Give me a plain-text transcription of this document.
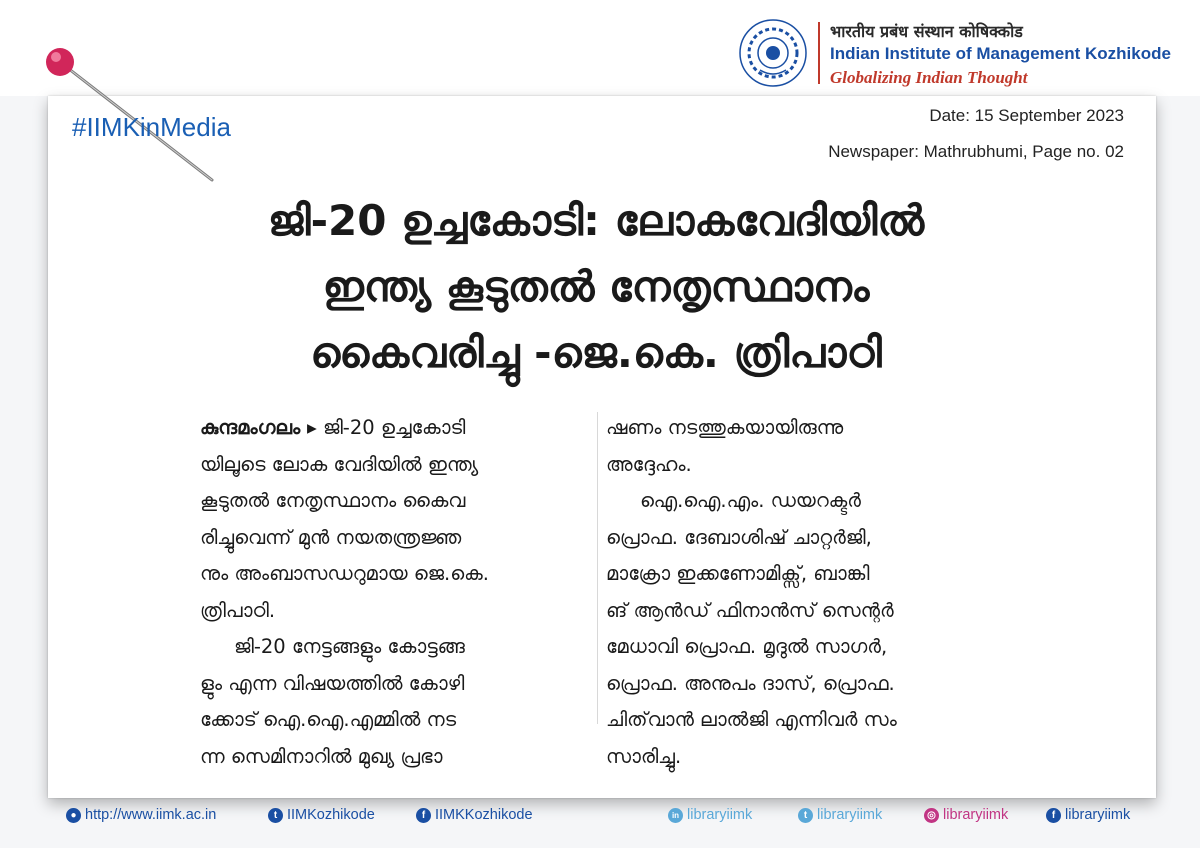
भारतीय प्रबंध संस्थान कोषिक्कोड
Indian Institute of Management Kozhikode
Globalizing Indian Thought
#IIMKinMedia	Date: 15 September 2023
Newspaper: Mathrubhumi, Page no. 02
ജി-20 ഉച്ചകോടി: ലോകവേദിയിൽ
ഇന്ത്യ കൂടുതൽ നേതൃസ്ഥാനം
കൈവരിച്ചു -ജെ.കെ. ത്രിപാഠി
കുന്ദമംഗലം ▸ ജി-20 ഉച്ചകോടി
യിലൂടെ ലോക വേദിയിൽ ഇന്ത്യ
കൂടുതൽ നേതൃസ്ഥാനം കൈവ
രിച്ചുവെന്ന് മുൻ നയതന്ത്രജ്ഞ
നും അംബാസഡറുമായ ജെ.കെ.
ത്രിപാഠി.
ജി-20 നേട്ടങ്ങളും കോട്ടങ്ങ
ളും എന്ന വിഷയത്തിൽ കോഴി
ക്കോട് ഐ.ഐ.എമ്മിൽ നട
ന്ന സെമിനാറിൽ മുഖ്യ പ്രഭാ
ഷണം നടത്തുകയായിരുന്നു
അദ്ദേഹം.
ഐ.ഐ.എം. ഡയറക്ടർ
പ്രൊഫ. ദേബാശിഷ് ചാറ്റർജി,
മാക്രോ ഇക്കണോമിക്സ്, ബാങ്കി
ങ് ആൻഡ് ഫിനാൻസ് സെന്റർ
മേധാവി പ്രൊഫ. മൃദുൽ സാഗർ,
പ്രൊഫ. അനുപം ദാസ്, പ്രൊഫ.
ചിത്‌വാൻ ലാൽജി എന്നിവർ സം
സാരിച്ചു.
● http://www.iimk.ac.in	t IIMKozhikode	f IIMKKozhikode	in libraryiimk	t libraryiimk	◎ libraryiimk	f libraryiimk
